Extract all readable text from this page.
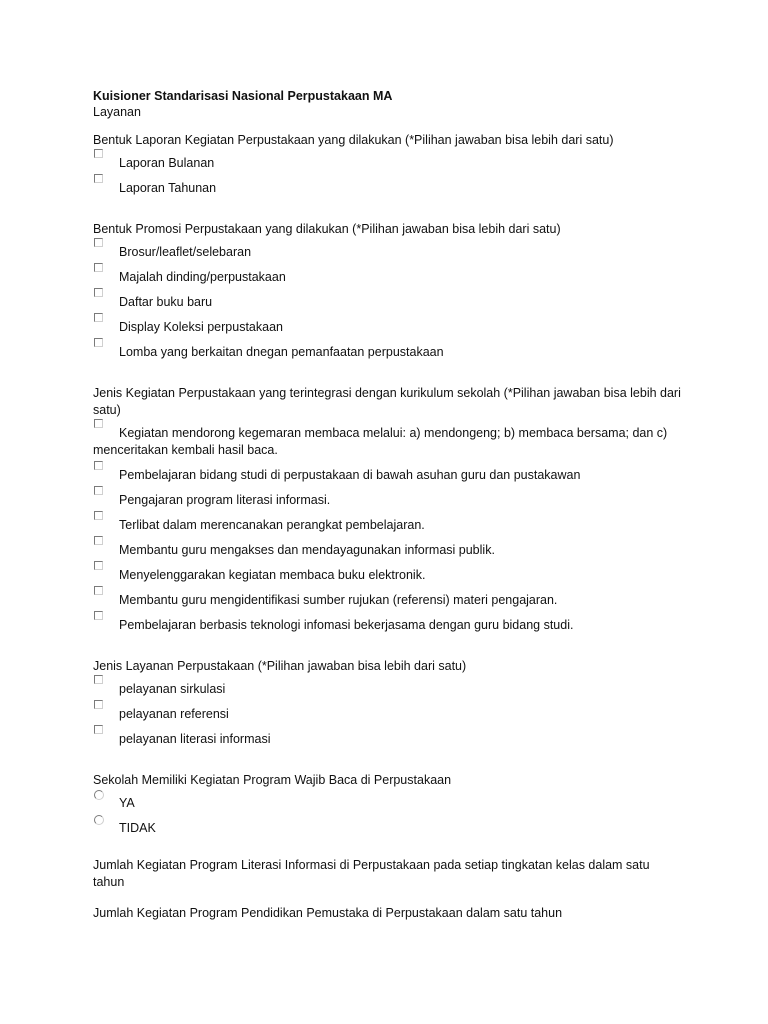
Kuisioner Standarisasi Nasional Perpustakaan MA
Layanan
Bentuk Laporan Kegiatan Perpustakaan yang dilakukan (*Pilihan jawaban bisa lebih dari satu)
Laporan Bulanan
Laporan Tahunan
Bentuk Promosi Perpustakaan yang dilakukan (*Pilihan jawaban bisa lebih dari satu)
Brosur/leaflet/selebaran
Majalah dinding/perpustakaan
Daftar buku baru
Display Koleksi perpustakaan
Lomba yang berkaitan dnegan pemanfaatan perpustakaan
Jenis Kegiatan Perpustakaan yang terintegrasi dengan kurikulum sekolah (*Pilihan jawaban bisa lebih dari satu)
Kegiatan mendorong kegemaran membaca melalui: a) mendongeng; b) membaca bersama; dan c) menceritakan kembali hasil baca.
Pembelajaran bidang studi di perpustakaan di bawah asuhan guru dan pustakawan
Pengajaran program literasi informasi.
Terlibat dalam merencanakan perangkat pembelajaran.
Membantu guru mengakses dan mendayagunakan informasi publik.
Menyelenggarakan kegiatan membaca buku elektronik.
Membantu guru mengidentifikasi sumber rujukan (referensi) materi pengajaran.
Pembelajaran berbasis teknologi infomasi bekerjasama dengan guru bidang studi.
Jenis Layanan Perpustakaan (*Pilihan jawaban bisa lebih dari satu)
pelayanan sirkulasi
pelayanan referensi
pelayanan literasi informasi
Sekolah Memiliki Kegiatan Program Wajib Baca di Perpustakaan
YA
TIDAK
Jumlah Kegiatan Program Literasi Informasi di Perpustakaan pada setiap tingkatan kelas dalam satu tahun
Jumlah Kegiatan Program Pendidikan Pemustaka di Perpustakaan dalam satu tahun
